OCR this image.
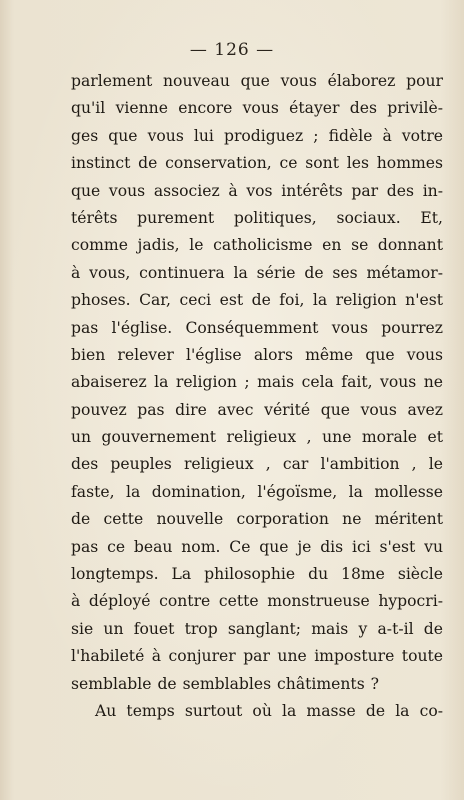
— 126 —
parlement nouveau que vous élaborez pour
qu'il vienne encore vous étayer des privilè-
ges que vous lui prodiguez ; fidèle à votre
instinct de conservation, ce sont les hommes
que vous associez à vos intérêts par des in-
térêts purement politiques, sociaux. Et,
comme jadis, le catholicisme en se donnant
à vous, continuera la série de ses métamor-
phoses. Car, ceci est de foi, la religion n'est
pas l'église. Conséquemment vous pourrez
bien relever l'église alors même que vous
abaiserez la religion ; mais cela fait, vous ne
pouvez pas dire avec vérité que vous avez
un gouvernement religieux , une morale et
des peuples religieux , car l'ambition , le
faste, la domination, l'égoïsme, la mollesse
de cette nouvelle corporation ne méritent
pas ce beau nom. Ce que je dis ici s'est vu
longtemps. La philosophie du 18me siècle
à déployé contre cette monstrueuse hypocri-
sie un fouet trop sanglant; mais y a-t-il de
l'habileté à conjurer par une imposture toute
semblable de semblables châtiments ?
Au temps surtout où la masse de la co-
